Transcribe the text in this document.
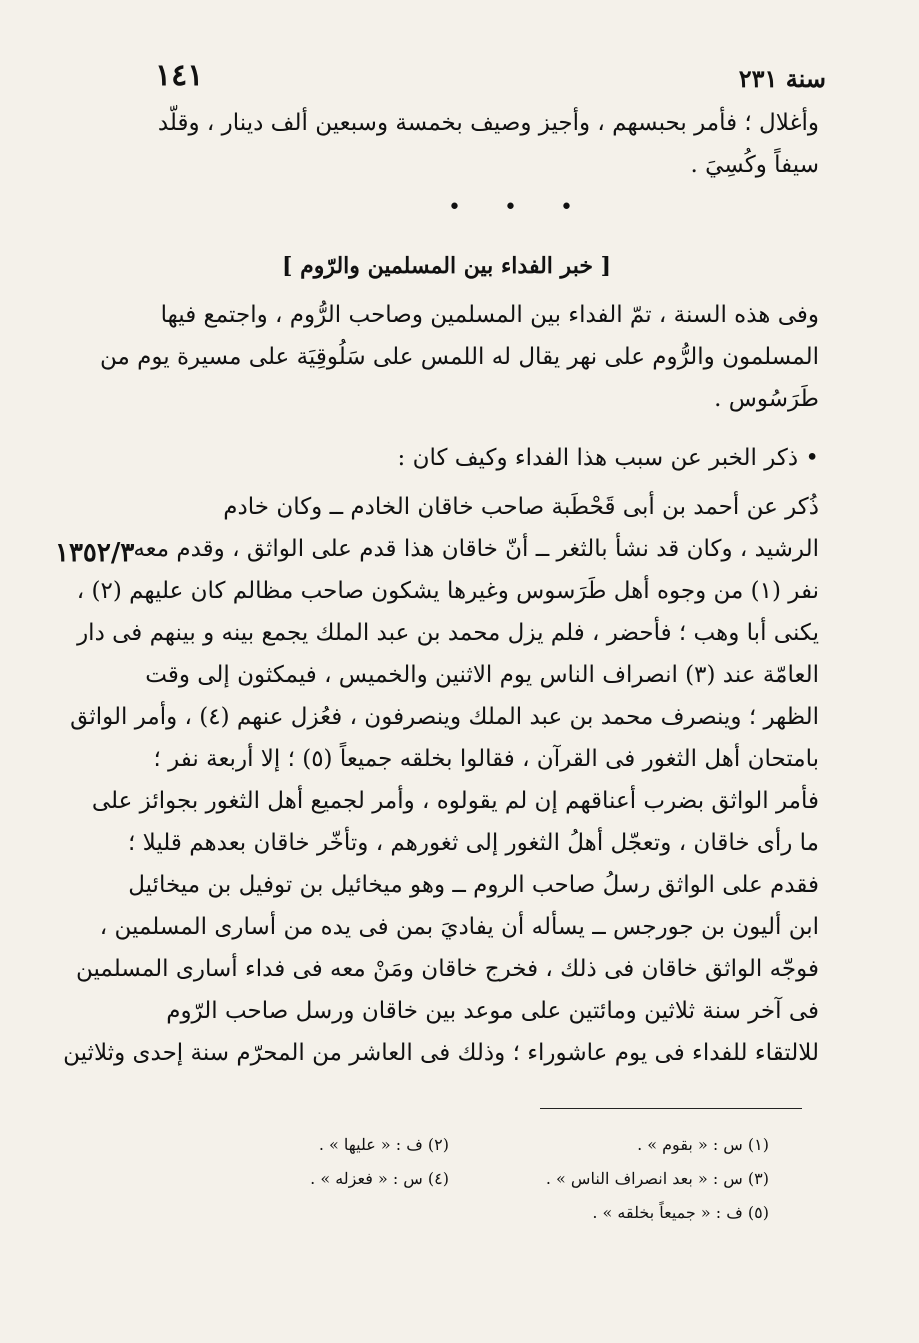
١٤١	سنة ٢٣١
١٣٥٢/٣
وأغلال ؛ فأمر بحبسهم ، وأجيز وصيف بخمسة وسبعين ألف دينار ، وقلّد
سيفاً وكُسِيَ .
• • •
[ خبر الفداء بين المسلمين والرّوم ]
وفى هذه السنة ، تمّ الفداء بين المسلمين وصاحب الرُّوم ، واجتمع فيها
المسلمون والرُّوم على نهر يقال له اللمس على سَلُوقِيَة على مسيرة يوم من
طَرَسُوس .
• ذكر الخبر عن سبب هذا الفداء وكيف كان :
ذُكر عن أحمد بن أبى قَحْطَبة صاحب خاقان الخادم ــ وكان خادم
الرشيد ، وكان قد نشأ بالثغر ــ أنّ خاقان هذا قدم على الواثق ، وقدم معه
نفر (١) من وجوه أهل طَرَسوس وغيرها يشكون صاحب مظالم كان عليهم (٢) ،
يكنى أبا وهب ؛ فأحضر ، فلم يزل محمد بن عبد الملك يجمع بينه و بينهم فى دار
العامّة عند (٣) انصراف الناس يوم الاثنين والخميس ، فيمكثون إلى وقت
الظهر ؛ وينصرف محمد بن عبد الملك وينصرفون ، فعُزل عنهم (٤) ، وأمر الواثق
بامتحان أهل الثغور فى القرآن ، فقالوا بخلقه جميعاً (٥) ؛ إلا أربعة نفر ؛
فأمر الواثق بضرب أعناقهم إن لم يقولوه ، وأمر لجميع أهل الثغور بجوائز على
ما رأى خاقان ، وتعجّل أهلُ الثغور إلى ثغورهم ، وتأخّر خاقان بعدهم قليلا ؛
فقدم على الواثق رسلُ صاحب الروم ــ وهو ميخائيل بن توفيل بن ميخائيل
ابن أليون بن جورجس ــ يسأله أن يفاديَ بمن فى يده من أسارى المسلمين ،
فوجّه الواثق خاقان فى ذلك ، فخرج خاقان ومَنْ معه فى فداء أسارى المسلمين
فى آخر سنة ثلاثين ومائتين على موعد بين خاقان ورسل صاحب الرّوم
للالتقاء للفداء فى يوم عاشوراء ؛ وذلك فى العاشر من المحرّم سنة إحدى وثلاثين
(١) س : « بقوم » .
(٢) ف : « عليها » .
(٣) س : « بعد انصراف الناس » .
(٤) س : « فعزله » .
(٥) ف : « جميعاً بخلقه » .
